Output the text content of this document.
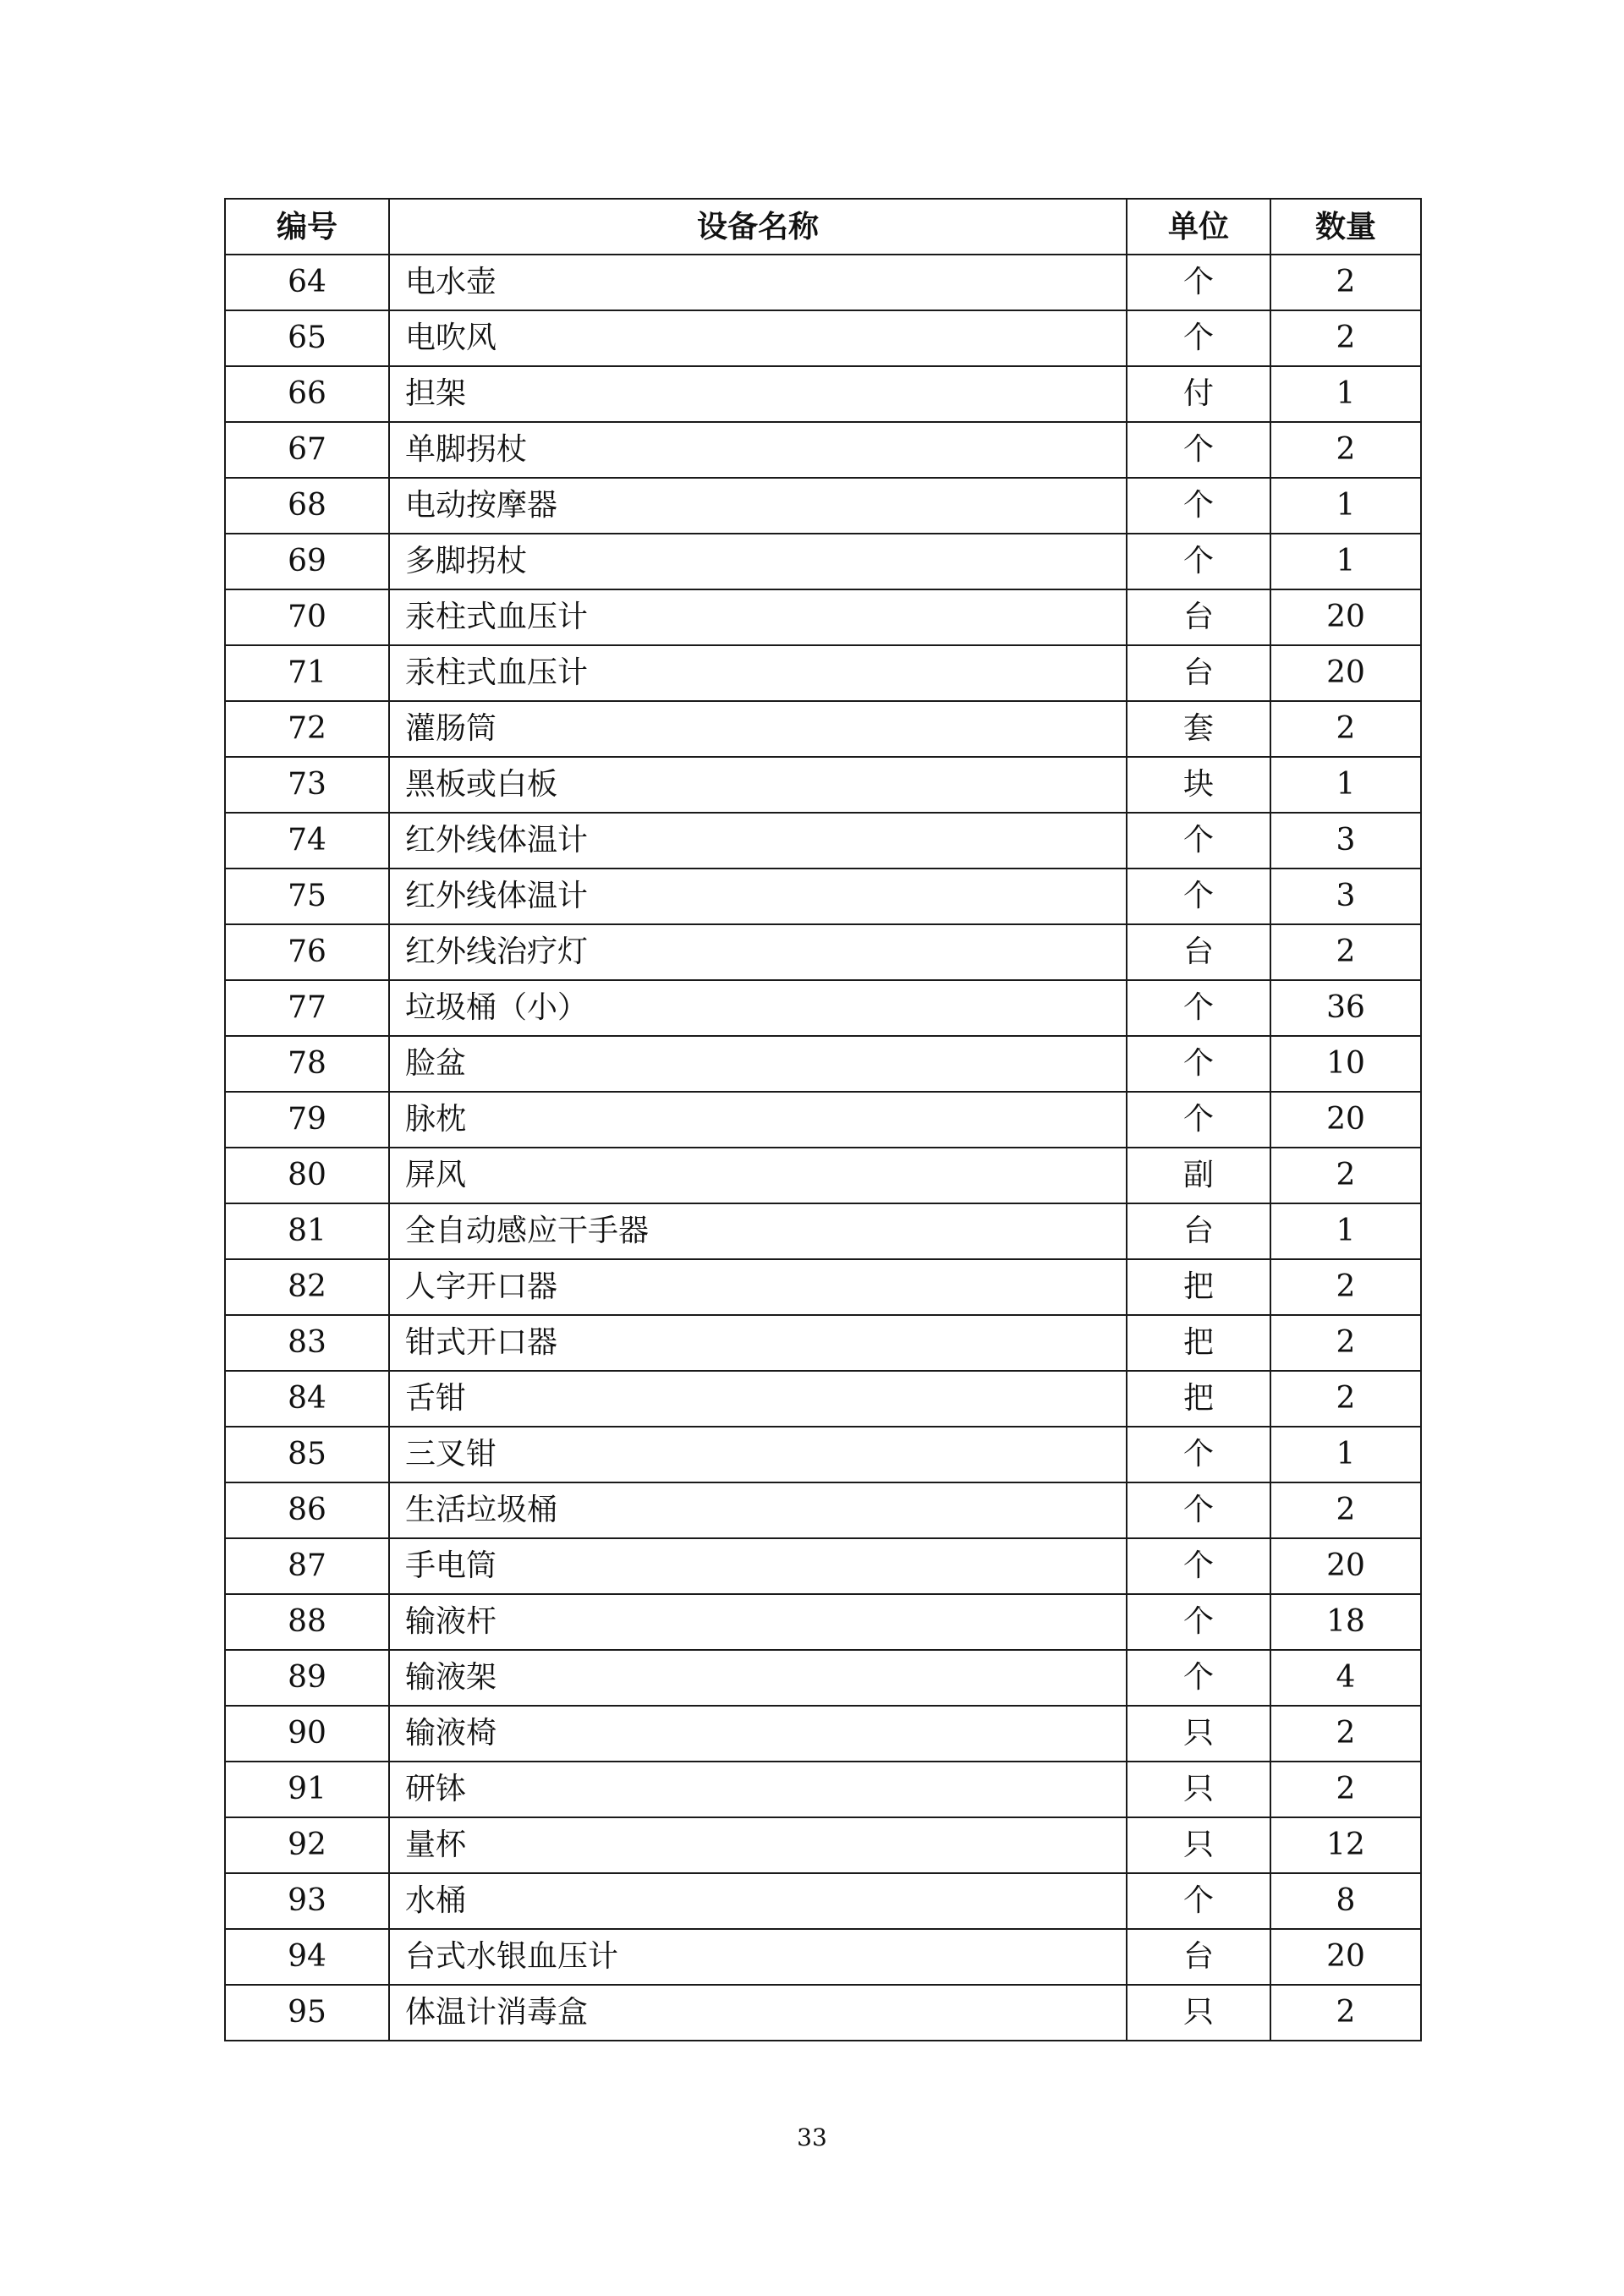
编号	设备名称	单位	数量
64	电水壶	个	2
65	电吹风	个	2
66	担架	付	1
67	单脚拐杖	个	2
68	电动按摩器	个	1
69	多脚拐杖	个	1
70	汞柱式血压计	台	20
71	汞柱式血压计	台	20
72	灌肠筒	套	2
73	黑板或白板	块	1
74	红外线体温计	个	3
75	红外线体温计	个	3
76	红外线治疗灯	台	2
77	垃圾桶（小）	个	36
78	脸盆	个	10
79	脉枕	个	20
80	屏风	副	2
81	全自动感应干手器	台	1
82	人字开口器	把	2
83	钳式开口器	把	2
84	舌钳	把	2
85	三叉钳	个	1
86	生活垃圾桶	个	2
87	手电筒	个	20
88	输液杆	个	18
89	输液架	个	4
90	输液椅	只	2
91	研钵	只	2
92	量杯	只	12
93	水桶	个	8
94	台式水银血压计	台	20
95	体温计消毒盒	只	2
33
